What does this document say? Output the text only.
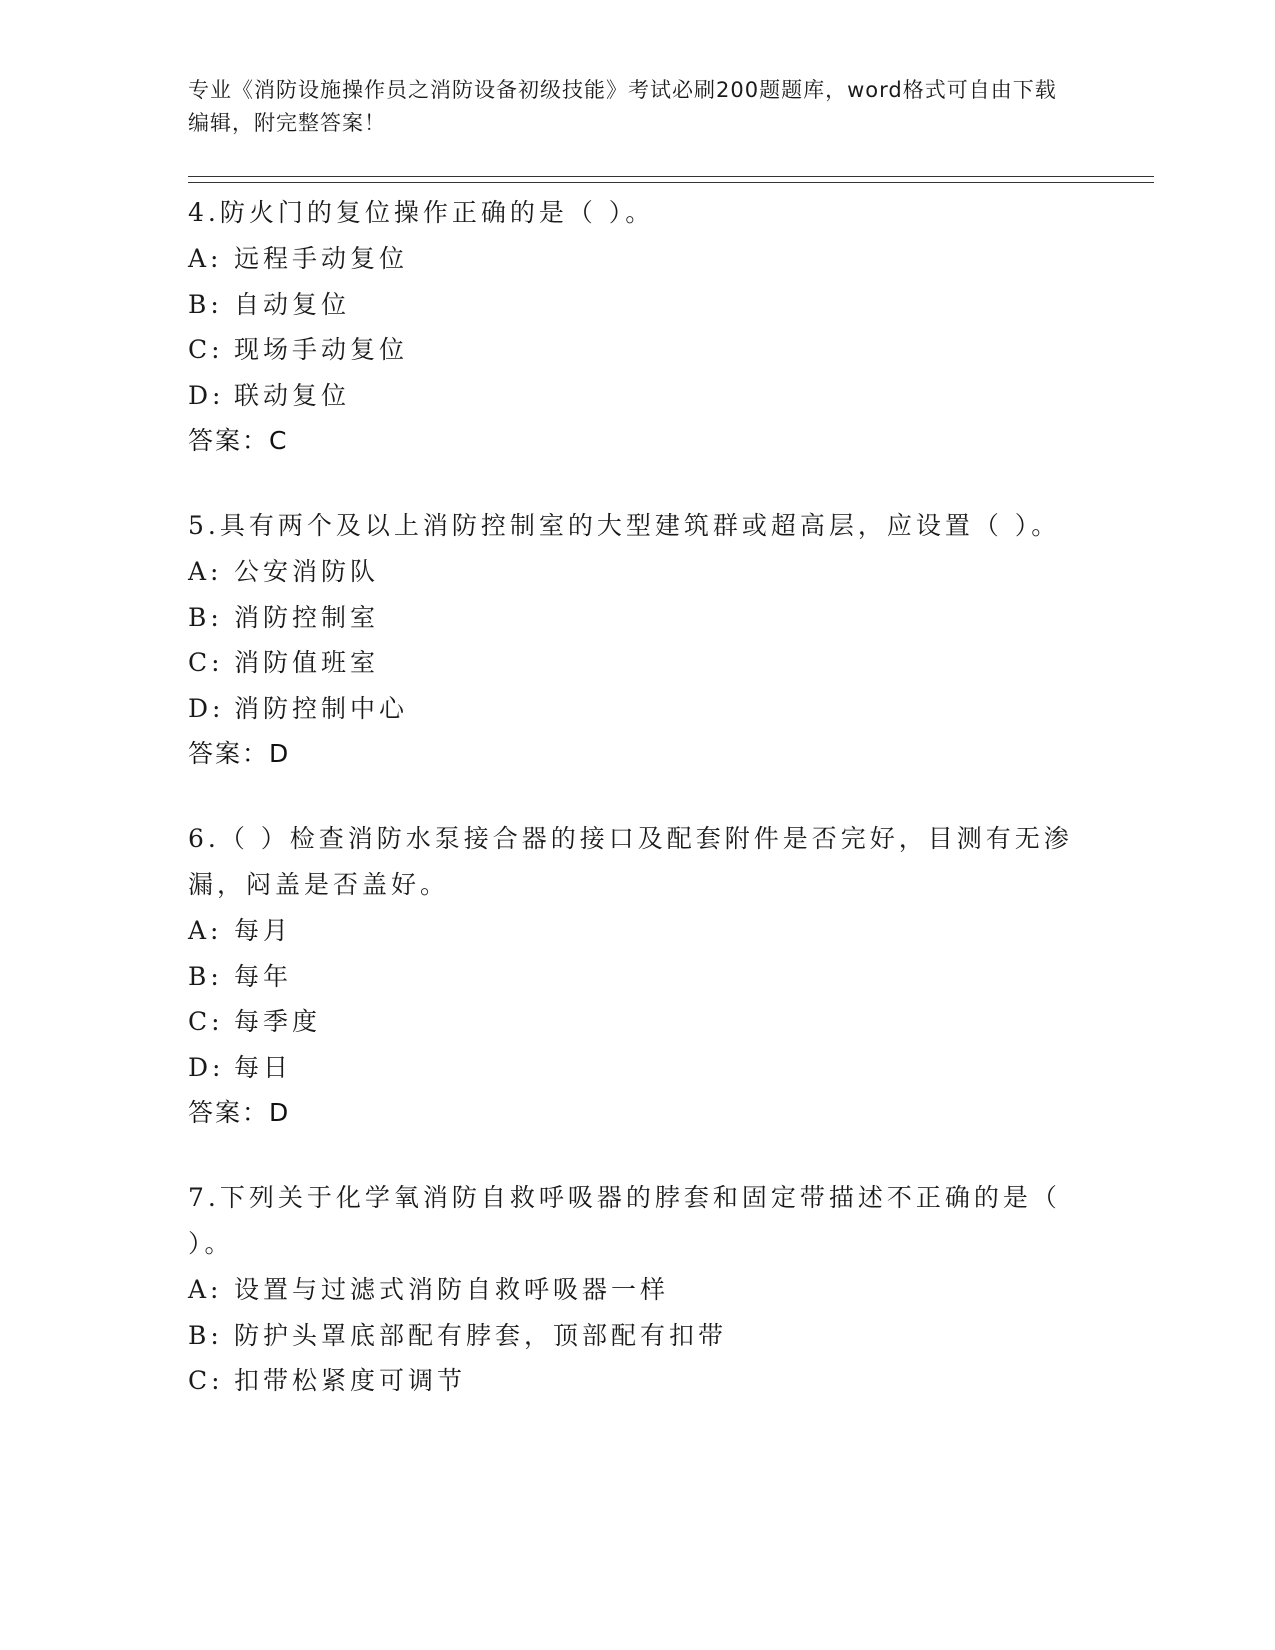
专业《消防设施操作员之消防设备初级技能》考试必刷200题题库，word格式可自由下载编辑，附完整答案！
4.防火门的复位操作正确的是（ ）。
A: 远程手动复位
B: 自动复位
C: 现场手动复位
D: 联动复位
答案：C
5.具有两个及以上消防控制室的大型建筑群或超高层，应设置（ ）。
A: 公安消防队
B: 消防控制室
C: 消防值班室
D: 消防控制中心
答案：D
6.（ ）检查消防水泵接合器的接口及配套附件是否完好，目测有无渗漏，闷盖是否盖好。
A: 每月
B: 每年
C: 每季度
D: 每日
答案：D
7.下列关于化学氧消防自救呼吸器的脖套和固定带描述不正确的是（ ）。
A: 设置与过滤式消防自救呼吸器一样
B: 防护头罩底部配有脖套，顶部配有扣带
C: 扣带松紧度可调节
